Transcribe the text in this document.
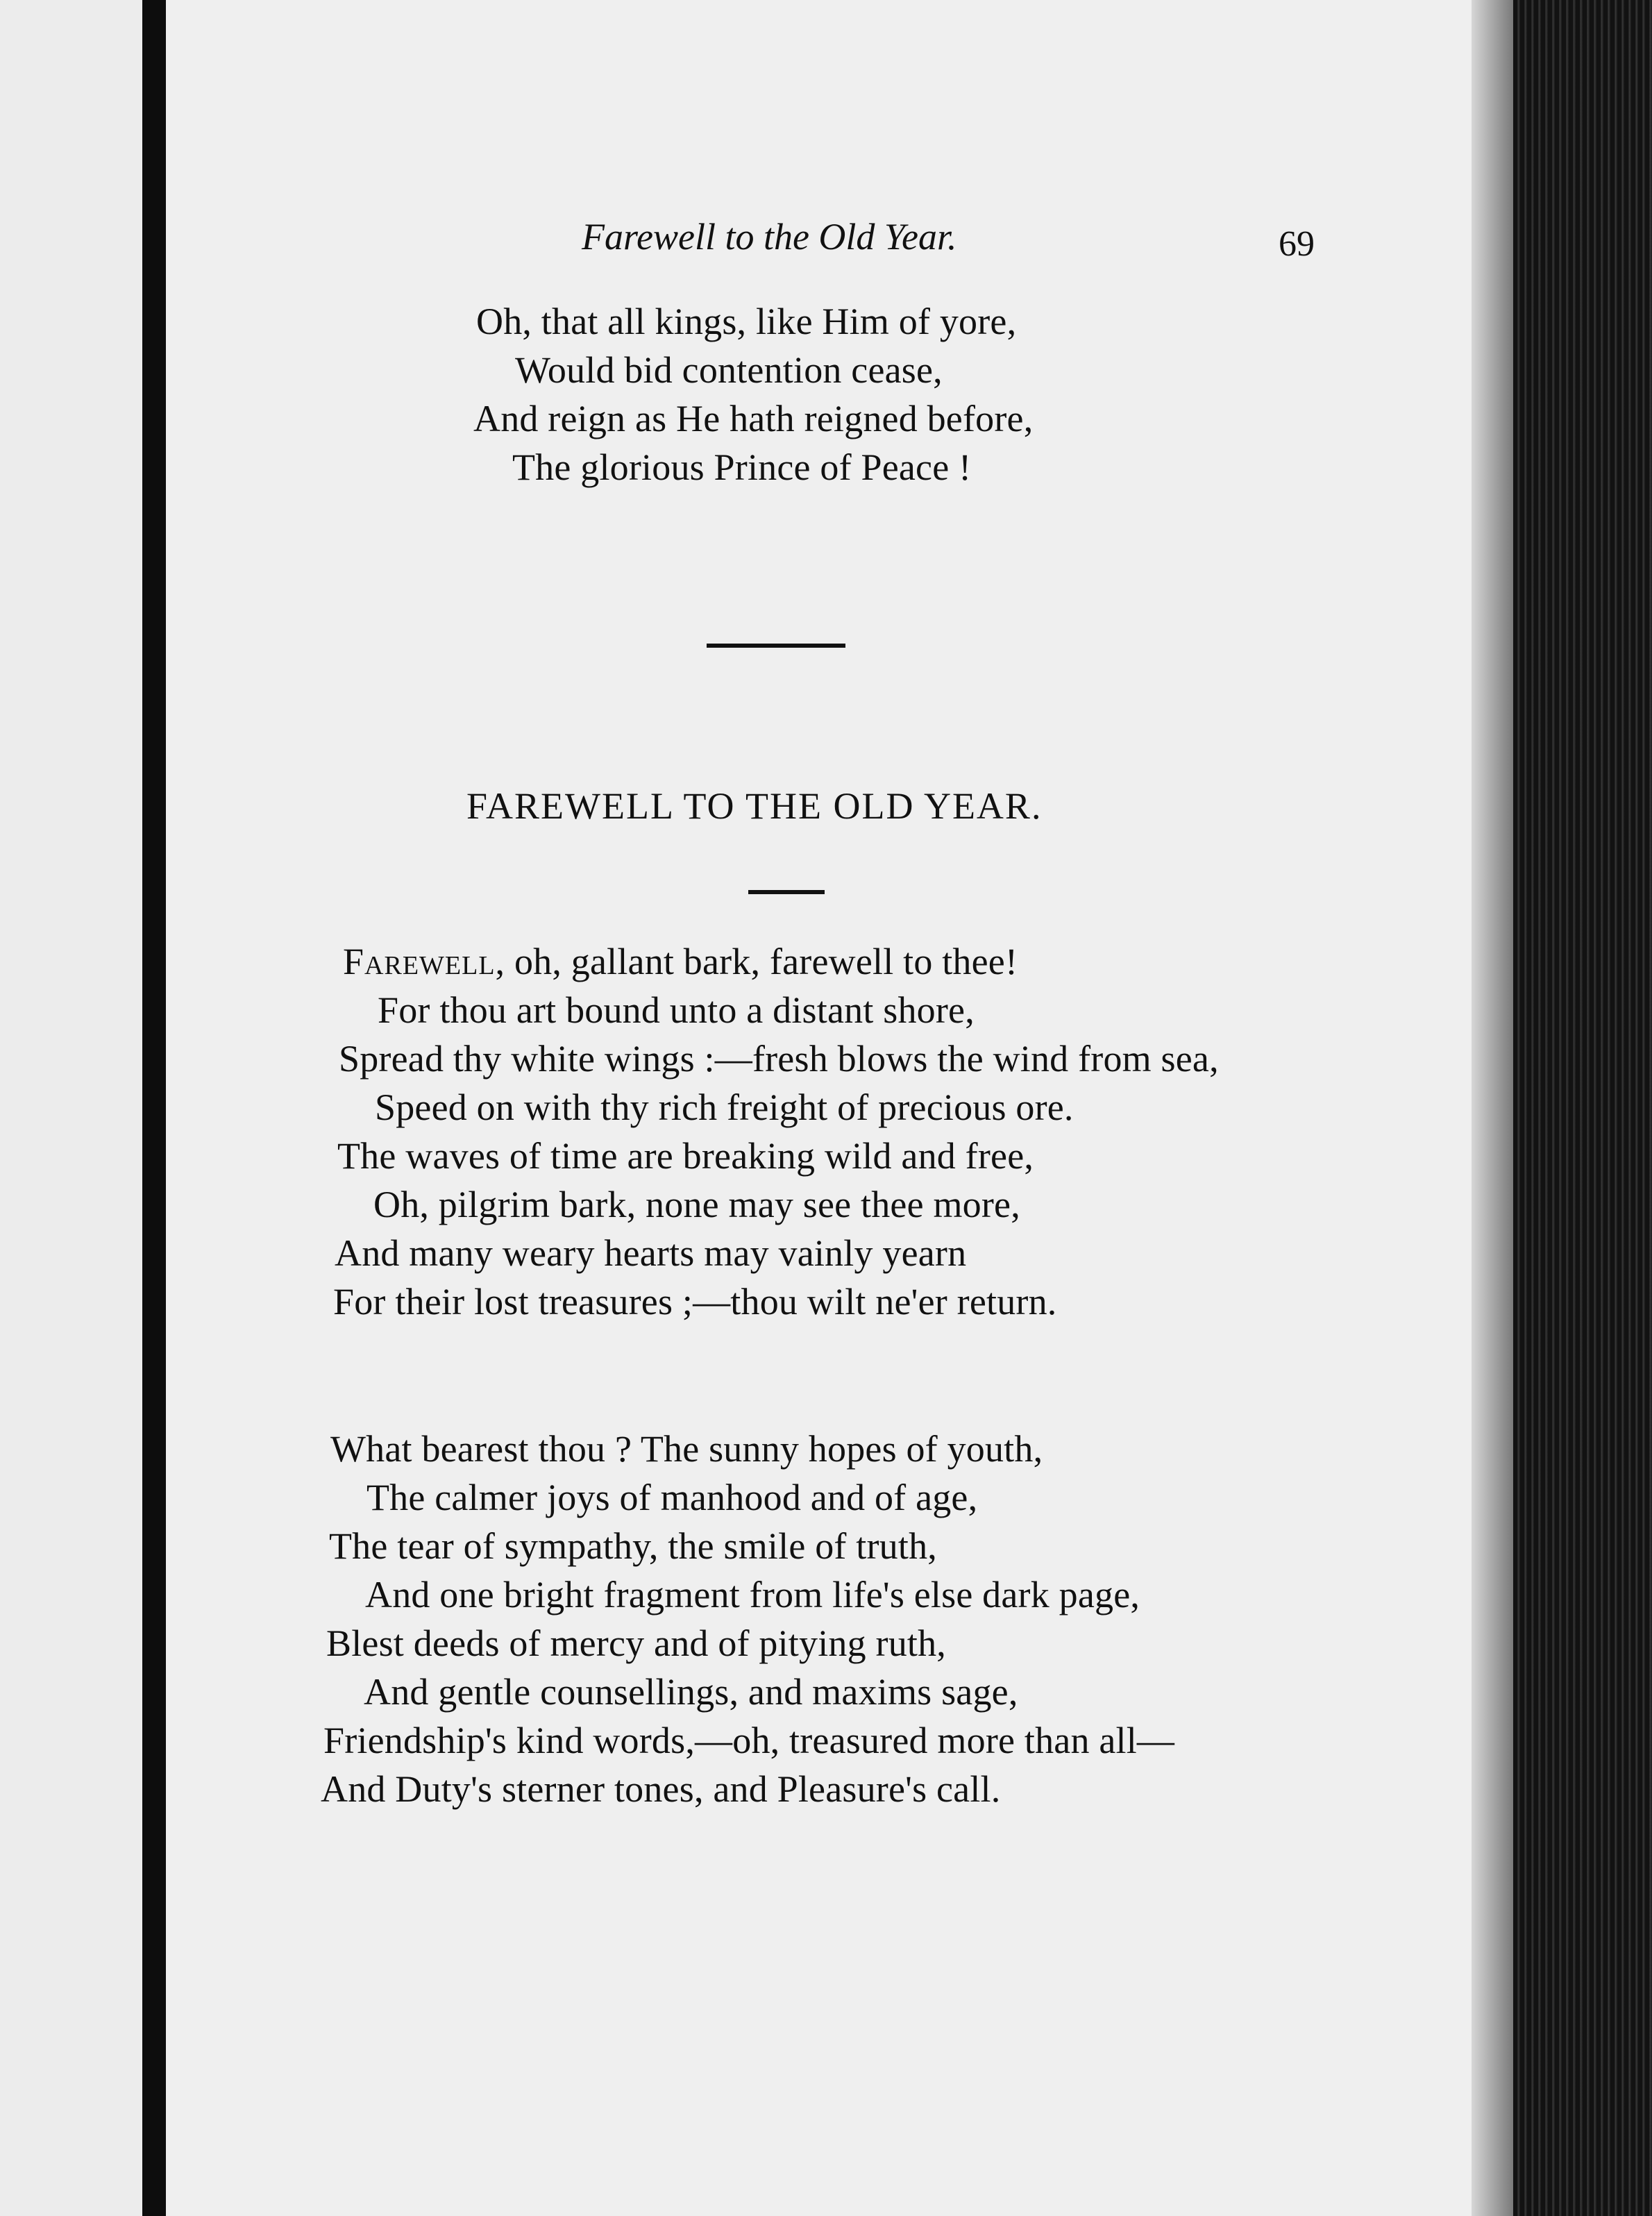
Farewell to the Old Year.	69
Oh, that all kings, like Him of yore,
Would bid contention cease,
And reign as He hath reigned before,
The glorious Prince of Peace !
FAREWELL TO THE OLD YEAR.
Farewell, oh, gallant bark, farewell to thee!
For thou art bound unto a distant shore,
Spread thy white wings :—fresh blows the wind from sea,
Speed on with thy rich freight of precious ore.
The waves of time are breaking wild and free,
Oh, pilgrim bark, none may see thee more,
And many weary hearts may vainly yearn
For their lost treasures ;—thou wilt ne'er return.
What bearest thou ? The sunny hopes of youth,
The calmer joys of manhood and of age,
The tear of sympathy, the smile of truth,
And one bright fragment from life's else dark page,
Blest deeds of mercy and of pitying ruth,
And gentle counsellings, and maxims sage,
Friendship's kind words,—oh, treasured more than all—
And Duty's sterner tones, and Pleasure's call.
